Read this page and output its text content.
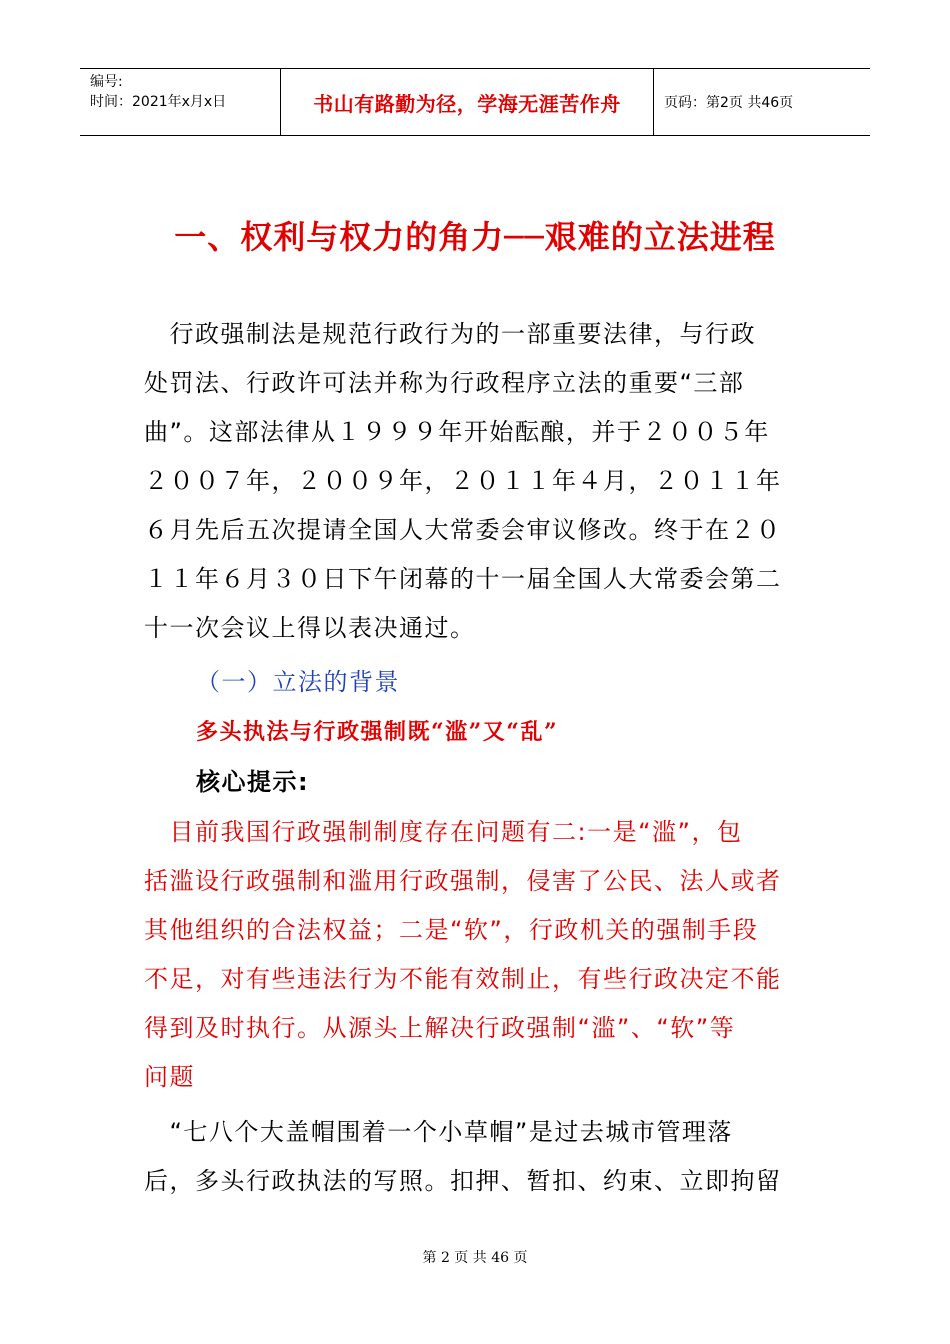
编号:
时间：2021年x月x日	书山有路勤为径，学海无涯苦作舟	页码：第2页 共46页
一、权利与权力的角力──艰难的立法进程
　行政强制法是规范行政行为的一部重要法律，与行政
处罚法、行政许可法并称为行政程序立法的重要“三部
曲”。这部法律从１９９９年开始酝酿，并于２００５年
２００７年，２００９年，２０１１年４月，２０１１年
６月先后五次提请全国人大常委会审议修改。终于在２０
１１年６月３０日下午闭幕的十一届全国人大常委会第二
十一次会议上得以表决通过。
（一）立法的背景
多头执法与行政强制既“滥”又“乱”
核心提示:
　目前我国行政强制制度存在问题有二:一是“滥”，包
括滥设行政强制和滥用行政强制，侵害了公民、法人或者
其他组织的合法权益；二是“软”，行政机关的强制手段
不足，对有些违法行为不能有效制止，有些行政决定不能
得到及时执行。从源头上解决行政强制“滥”、“软”等
问题
　“七八个大盖帽围着一个小草帽”是过去城市管理落
后，多头行政执法的写照。扣押、暂扣、约束、立即拘留
第 2 页 共 46 页
